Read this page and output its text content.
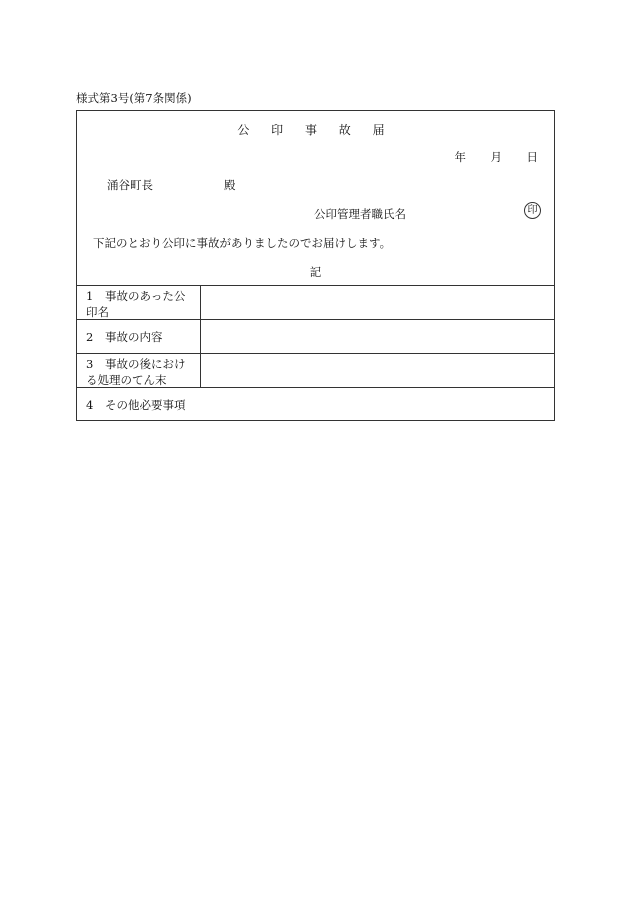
様式第3号(第7条関係)
公 印 事 故 届
年	月	日
涌谷町長	殿
公印管理者職氏名	印
下記のとおり公印に事故がありましたのでお届けします。
記
1 事故のあった公
印名
2 事故の内容
3 事故の後におけ
る処理のてん末
4 その他必要事項
